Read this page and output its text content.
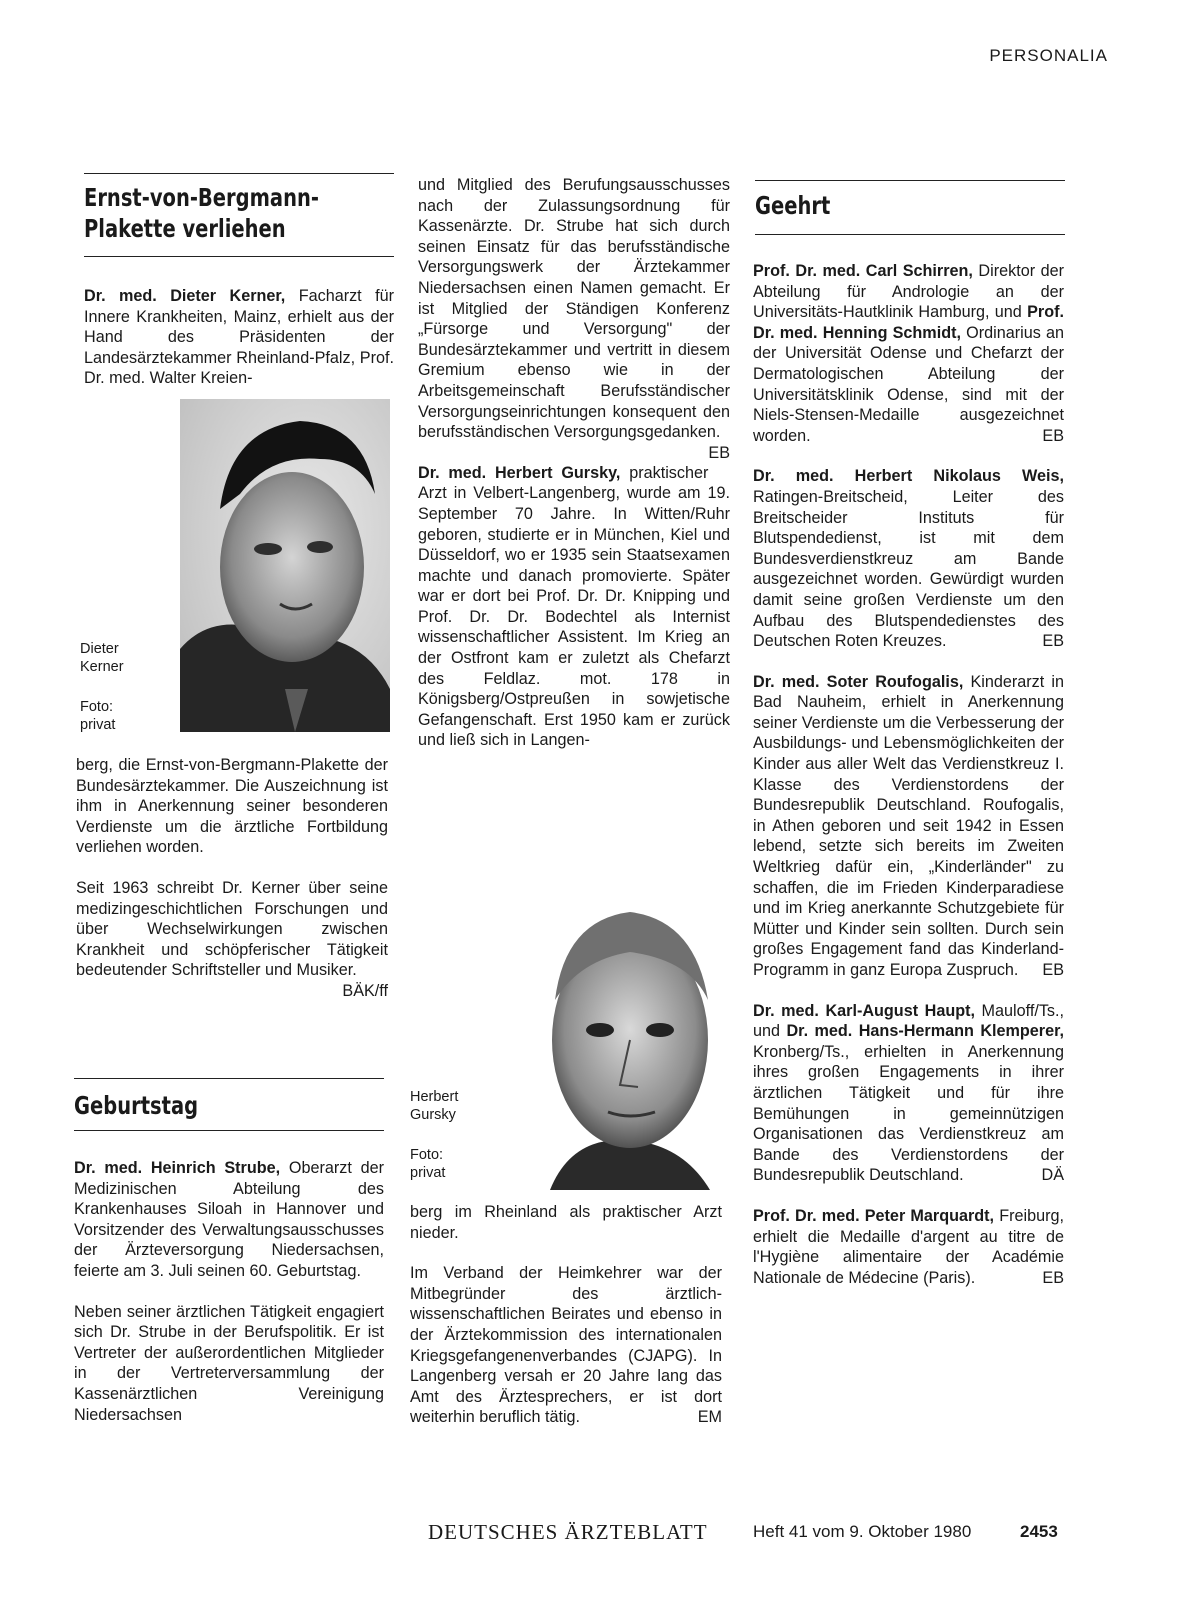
PERSONALIA
Ernst-von-Bergmann-
Plakette verliehen

Dr. med. Dieter Kerner, Facharzt für Innere Krankheiten, Mainz, erhielt aus der Hand des Präsidenten der Landesärztekammer Rheinland-Pfalz, Prof. Dr. med. Walter Kreien-

Dieter
Kerner
Foto:
privat

berg, die Ernst-von-Bergmann-Plakette der Bundesärztekammer. Die Auszeichnung ist ihm in Anerkennung seiner besonderen Verdienste um die ärztliche Fortbildung verliehen worden.

Seit 1963 schreibt Dr. Kerner über seine medizingeschichtlichen Forschungen und über Wechselwirkungen zwischen Krankheit und schöpferischer Tätigkeit bedeutender Schriftsteller und Musiker.
BÄK/ff

Geburtstag

Dr. med. Heinrich Strube, Oberarzt der Medizinischen Abteilung des Krankenhauses Siloah in Hannover und Vorsitzender des Verwaltungsausschusses der Ärzteversorgung Niedersachsen, feierte am 3. Juli seinen 60. Geburtstag.

Neben seiner ärztlichen Tätigkeit engagiert sich Dr. Strube in der Berufspolitik. Er ist Vertreter der außerordentlichen Mitglieder in der Vertreterversammlung der Kassenärztlichen Vereinigung Niedersachsen

und Mitglied des Berufungsausschusses nach der Zulassungsordnung für Kassenärzte. Dr. Strube hat sich durch seinen Einsatz für das berufsständische Versorgungswerk der Ärztekammer Niedersachsen einen Namen gemacht. Er ist Mitglied der Ständigen Konferenz „Fürsorge und Versorgung" der Bundesärztekammer und vertritt in diesem Gremium ebenso wie in der Arbeitsgemeinschaft Berufsständischer Versorgungseinrichtungen konsequent den berufsständischen Versorgungsgedanken.
EB

Dr. med. Herbert Gursky, praktischer Arzt in Velbert-Langenberg, wurde am 19. September 70 Jahre. In Witten/Ruhr geboren, studierte er in München, Kiel und Düsseldorf, wo er 1935 sein Staatsexamen machte und danach promovierte. Später war er dort bei Prof. Dr. Dr. Knipping und Prof. Dr. Dr. Bodechtel als Internist wissenschaftlicher Assistent. Im Krieg an der Ostfront kam er zuletzt als Chefarzt des Feldlaz. mot. 178 in Königsberg/Ostpreußen in sowjetische Gefangenschaft. Erst 1950 kam er zurück und ließ sich in Langen-

Herbert
Gursky
Foto:
privat

berg im Rheinland als praktischer Arzt nieder.

Im Verband der Heimkehrer war der Mitbegründer des ärztlich-wissenschaftlichen Beirates und ebenso in der Ärztekommission des internationalen Kriegsgefangenenverbandes (CJAPG). In Langenberg versah er 20 Jahre lang das Amt des Ärztesprechers, er ist dort weiterhin beruflich tätig.	EM

Geehrt

Prof. Dr. med. Carl Schirren, Direktor der Abteilung für Andrologie an der Universitäts-Hautklinik Hamburg, und Prof. Dr. med. Henning Schmidt, Ordinarius an der Universität Odense und Chefarzt der Dermatologischen Abteilung der Universitätsklinik Odense, sind mit der Niels-Stensen-Medaille ausgezeichnet worden.	EB

Dr. med. Herbert Nikolaus Weis, Ratingen-Breitscheid, Leiter des Breitscheider Instituts für Blutspendedienst, ist mit dem Bundesverdienstkreuz am Bande ausgezeichnet worden. Gewürdigt wurden damit seine großen Verdienste um den Aufbau des Blutspendedienstes des Deutschen Roten Kreuzes.	EB

Dr. med. Soter Roufogalis, Kinderarzt in Bad Nauheim, erhielt in Anerkennung seiner Verdienste um die Verbesserung der Ausbildungs- und Lebensmöglichkeiten der Kinder aus aller Welt das Verdienstkreuz I. Klasse des Verdienstordens der Bundesrepublik Deutschland. Roufogalis, in Athen geboren und seit 1942 in Essen lebend, setzte sich bereits im Zweiten Weltkrieg dafür ein, „Kinderländer" zu schaffen, die im Frieden Kinderparadiese und im Krieg anerkannte Schutzgebiete für Mütter und Kinder sein sollten. Durch sein großes Engagement fand das Kinderland-Programm in ganz Europa Zuspruch. EB

Dr. med. Karl-August Haupt, Mauloff/Ts., und Dr. med. Hans-Hermann Klemperer, Kronberg/Ts., erhielten in Anerkennung ihres großen Engagements in ihrer ärztlichen Tätigkeit und für ihre Bemühungen in gemeinnützigen Organisationen das Verdienstkreuz am Bande des Verdienstordens der Bundesrepublik Deutschland.	DÄ

Prof. Dr. med. Peter Marquardt, Freiburg, erhielt die Medaille d'argent au titre de l'Hygiène alimentaire der Académie Nationale de Médecine (Paris).	EB

DEUTSCHES ÄRZTEBLATT	Heft 41 vom 9. Oktober 1980	2453
